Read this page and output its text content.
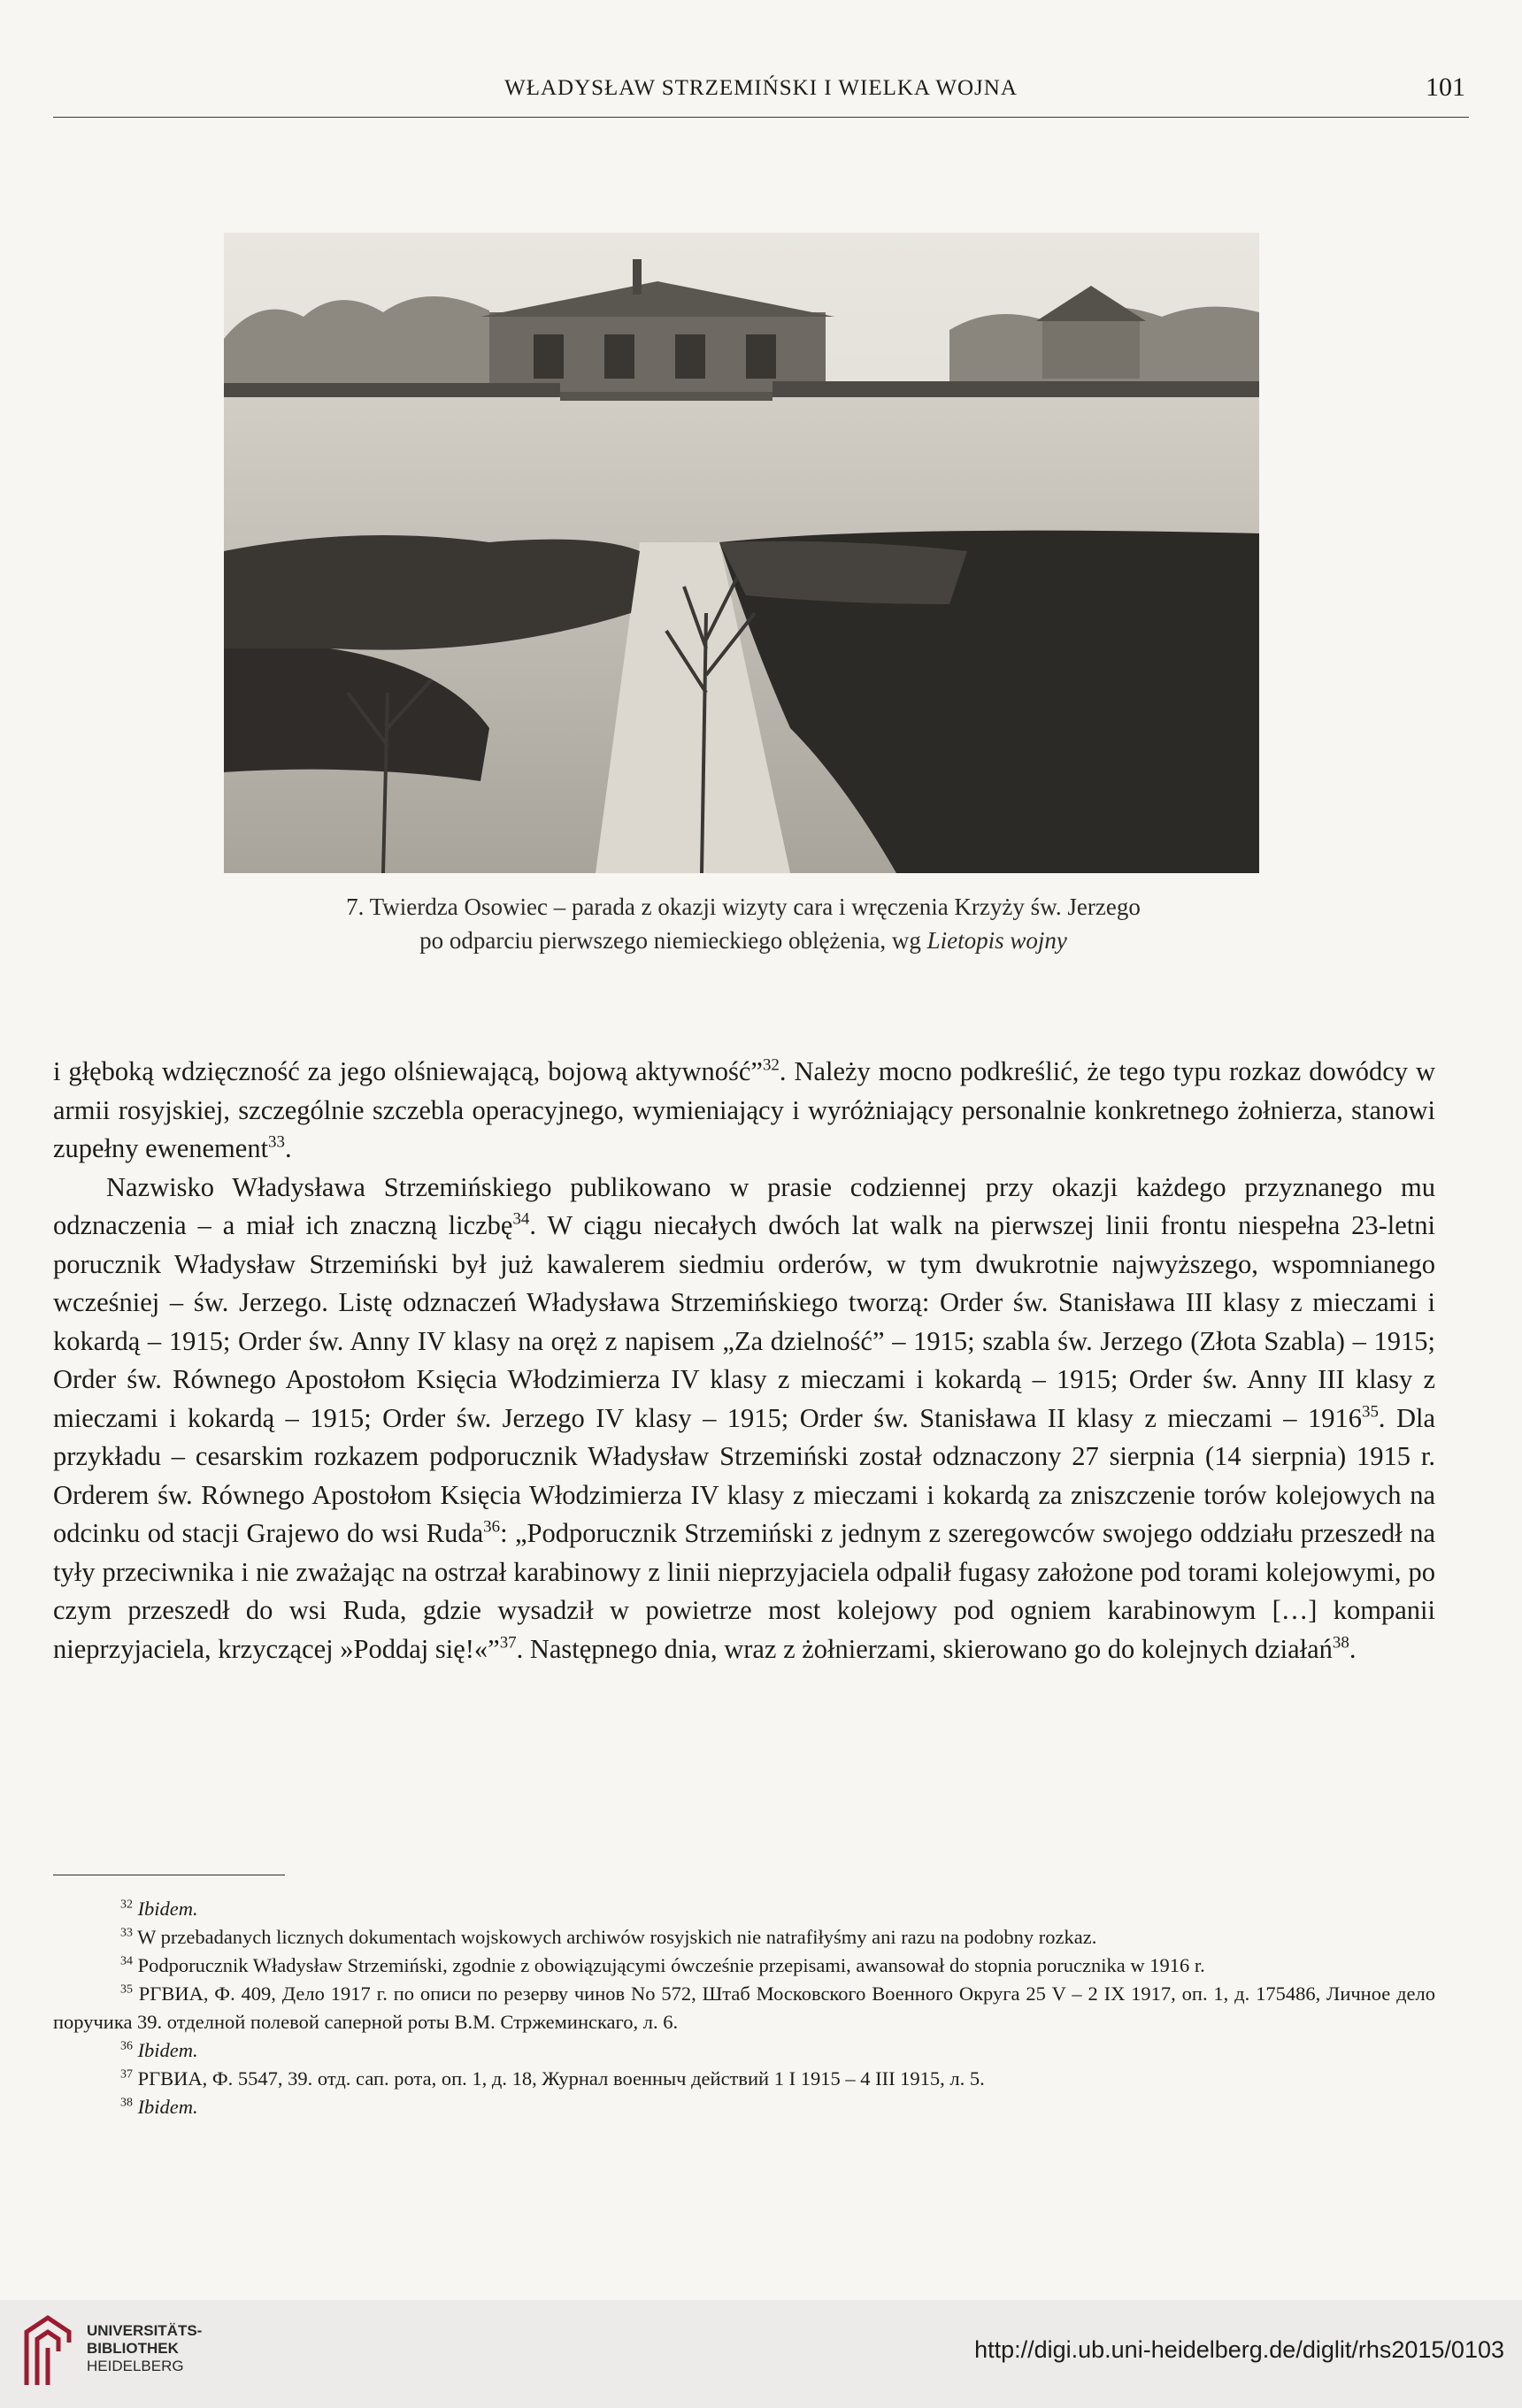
WŁADYSŁAW STRZEMIŃSKI I WIELKA WOJNA	101
7. Twierdza Osowiec – parada z okazji wizyty cara i wręczenia Krzyży św. Jerzego
po odparciu pierwszego niemieckiego oblężenia, wg Lietopis wojny

i głęboką wdzięczność za jego olśniewającą, bojową aktywność”$^{32}$. Należy mocno podkreślić, że tego typu rozkaz dowódcy w armii rosyjskiej, szczególnie szczebla operacyjnego, wymieniający i wyróżniający personalnie konkretnego żołnierza, stanowi zupełny ewenement$^{33}$.

Nazwisko Władysława Strzemińskiego publikowano w prasie codziennej przy okazji każdego przyznanego mu odznaczenia – a miał ich znaczną liczbę$^{34}$. W ciągu niecałych dwóch lat walk na pierwszej linii frontu niespełna 23-letni porucznik Władysław Strzemiński był już kawalerem siedmiu orderów, w tym dwukrotnie najwyższego, wspomnianego wcześniej – św. Jerzego. Listę odznaczeń Władysława Strzemińskiego tworzą: Order św. Stanisława III klasy z mieczami i kokardą – 1915; Order św. Anny IV klasy na oręż z napisem „Za dzielność” – 1915; szabla św. Jerzego (Złota Szabla) – 1915; Order św. Równego Apostołom Księcia Włodzimierza IV klasy z mieczami i kokardą – 1915; Order św. Anny III klasy z mieczami i kokardą – 1915; Order św. Jerzego IV klasy – 1915; Order św. Stanisława II klasy z mieczami – 1916$^{35}$. Dla przykładu – cesarskim rozkazem podporucznik Władysław Strzemiński został odznaczony 27 sierpnia (14 sierpnia) 1915 r. Orderem św. Równego Apostołom Księcia Włodzimierza IV klasy z mieczami i kokardą za zniszczenie torów kolejowych na odcinku od stacji Grajewo do wsi Ruda$^{36}$: „Podporucznik Strzemiński z jednym z szeregowców swojego oddziału przeszedł na tyły przeciwnika i nie zważając na ostrzał karabinowy z linii nieprzyjaciela odpalił fugasy założone pod torami kolejowymi, po czym przeszedł do wsi Ruda, gdzie wysadził w powietrze most kolejowy pod ogniem karabinowym […] kompanii nieprzyjaciela, krzyczącej »Poddaj się!«”$^{37}$. Następnego dnia, wraz z żołnierzami, skierowano go do kolejnych działań$^{38}$.

$^{32}$ Ibidem.

$^{33}$ W przebadanych licznych dokumentach wojskowych archiwów rosyjskich nie natrafiłyśmy ani razu na podobny rozkaz.

$^{34}$ Podporucznik Władysław Strzemiński, zgodnie z obowiązującymi ówcześnie przepisami, awansował do stopnia porucznika w 1916 r.

$^{35}$ РГВИА, Ф. 409, Дело 1917 г. по описи по резерву чинов No 572, Штаб Московского Военного Округа 25 V – 2 IX 1917, оп. 1, д. 175486, Личное дело поручика 39. отделной полевой саперной роты В.М. Стржеминскаго, л. 6.

$^{36}$ Ibidem.

$^{37}$ РГВИА, Ф. 5547, 39. отд. сап. рота, оп. 1, д. 18, Журнал военныч действий 1 I 1915 – 4 III 1915, л. 5.

$^{38}$ Ibidem.

UNIVERSITÄTS-
BIBLIOTHEK
HEIDELBERG
http://digi.ub.uni-heidelberg.de/diglit/rhs2015/0103
